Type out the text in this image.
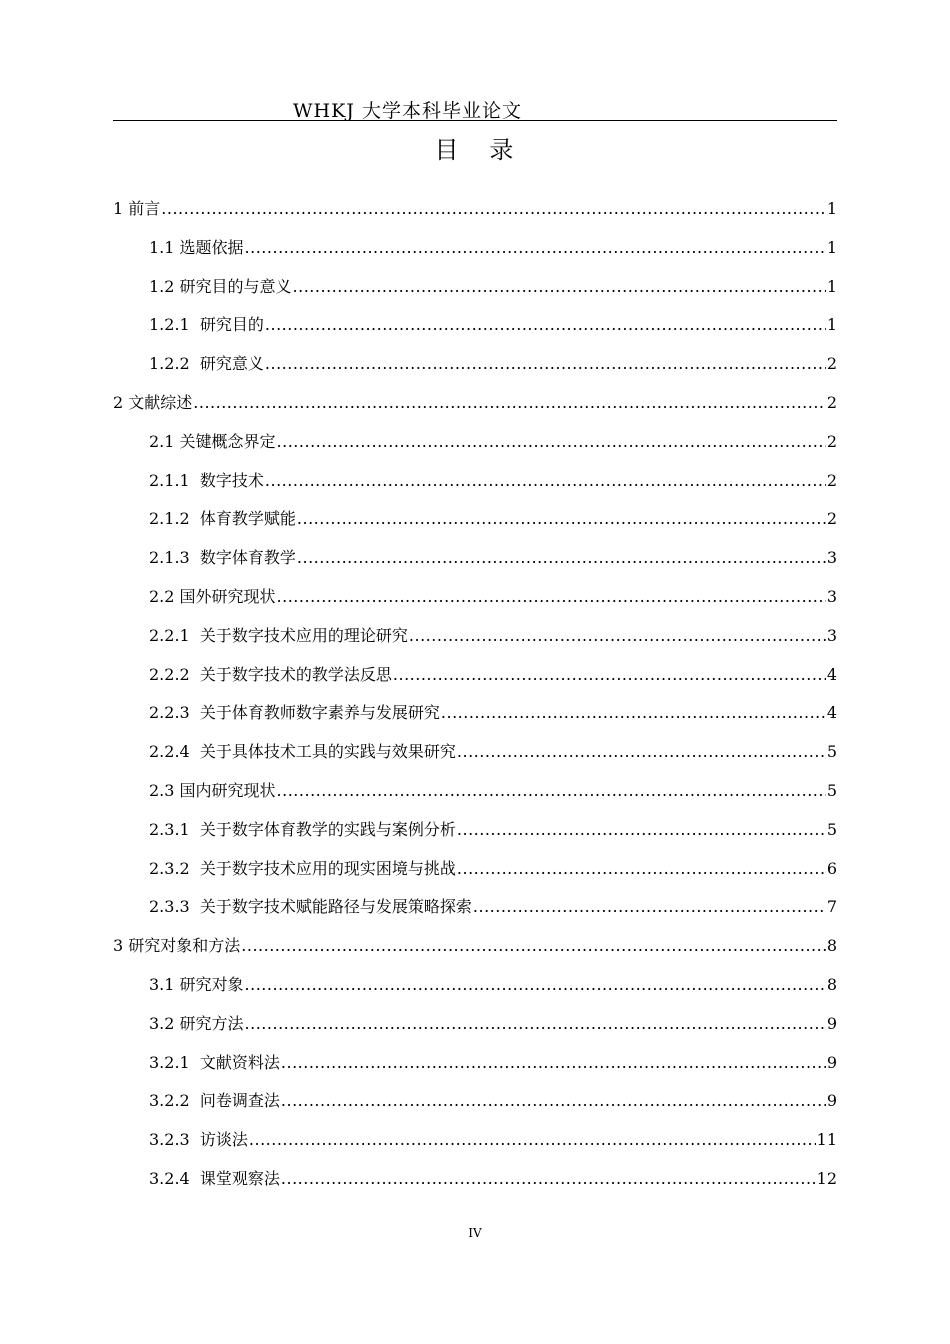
WHKJ 大学本科毕业论文
目   录
1 前言 .....	1
1.1 选题依据 .....	1
1.2 研究目的与意义 .....	1
1.2.1  研究目的 .....	1
1.2.2  研究意义 .....	2
2 文献综述 .....	2
2.1 关键概念界定 .....	2
2.1.1  数字技术 .....	2
2.1.2  体育教学赋能 .....	2
2.1.3  数字体育教学 .....	3
2.2 国外研究现状 .....	3
2.2.1  关于数字技术应用的理论研究 .....	3
2.2.2  关于数字技术的教学法反思 .....	4
2.2.3  关于体育教师数字素养与发展研究 .....	4
2.2.4  关于具体技术工具的实践与效果研究 .....	5
2.3 国内研究现状 .....	5
2.3.1  关于数字体育教学的实践与案例分析 .....	5
2.3.2  关于数字技术应用的现实困境与挑战 .....	6
2.3.3  关于数字技术赋能路径与发展策略探索 .....	7
3 研究对象和方法 .....	8
3.1 研究对象 .....	8
3.2 研究方法 .....	9
3.2.1  文献资料法 .....	9
3.2.2  问卷调查法 .....	9
3.2.3  访谈法 .....	11
3.2.4  课堂观察法 .....	12
IV
